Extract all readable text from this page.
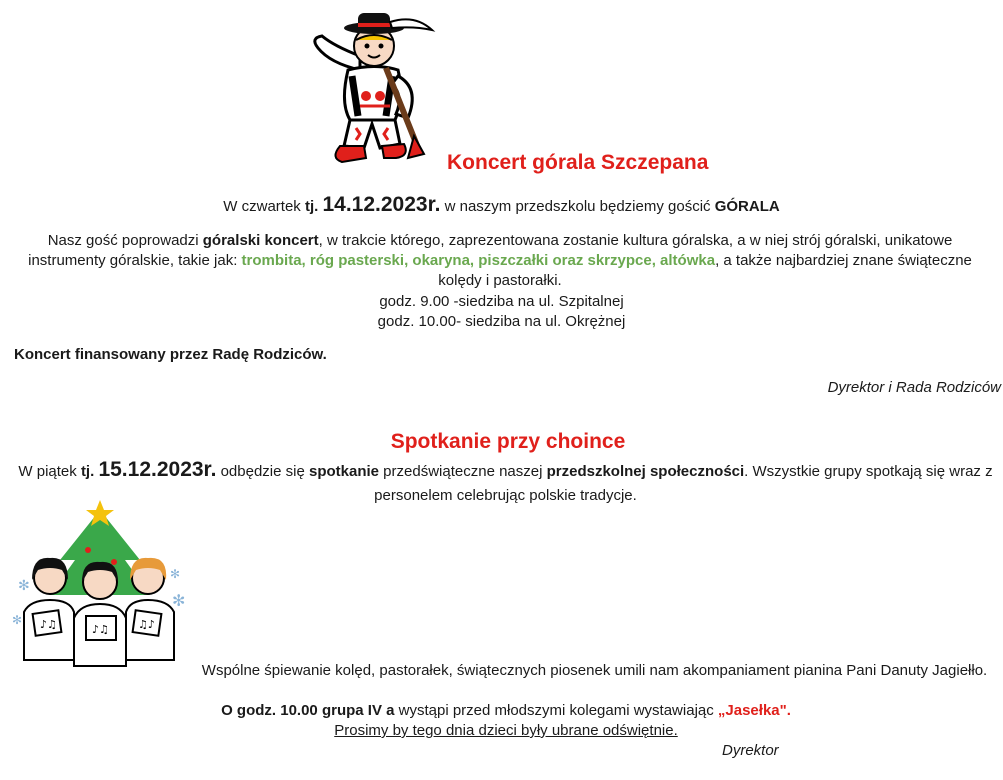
Koncert górala Szczepana
W czwartek tj. 14.12.2023r. w naszym przedszkolu będziemy gościć GÓRALA
Nasz gość poprowadzi góralski koncert, w trakcie którego, zaprezentowana zostanie kultura góralska, a w niej strój góralski, unikatowe instrumenty góralskie, takie jak: trombita, róg pasterski, okaryna, piszczałki oraz skrzypce, altówka, a także najbardziej znane świąteczne kolędy i pastorałki.
godz. 9.00 -siedziba na ul. Szpitalnej
godz. 10.00- siedziba na ul. Okrężnej
Koncert finansowany przez Radę Rodziców.
Dyrektor i Rada Rodziców
Spotkanie przy choince
W piątek tj. 15.12.2023r. odbędzie się spotkanie przedświąteczne naszej przedszkolnej społeczności. Wszystkie grupy spotkają się wraz z personelem celebrując polskie tradycje.
✻
✻
✻
✻ ♪♫	♪♫	♫♪
Wspólne śpiewanie kolęd, pastorałek, świątecznych piosenek umili nam akompaniament pianina Pani Danuty Jagiełło.
O godz. 10.00 grupa IV a wystąpi przed młodszymi kolegami wystawiając „Jasełka".
Prosimy by tego dnia dzieci były ubrane odświętnie.
Dyrektor
